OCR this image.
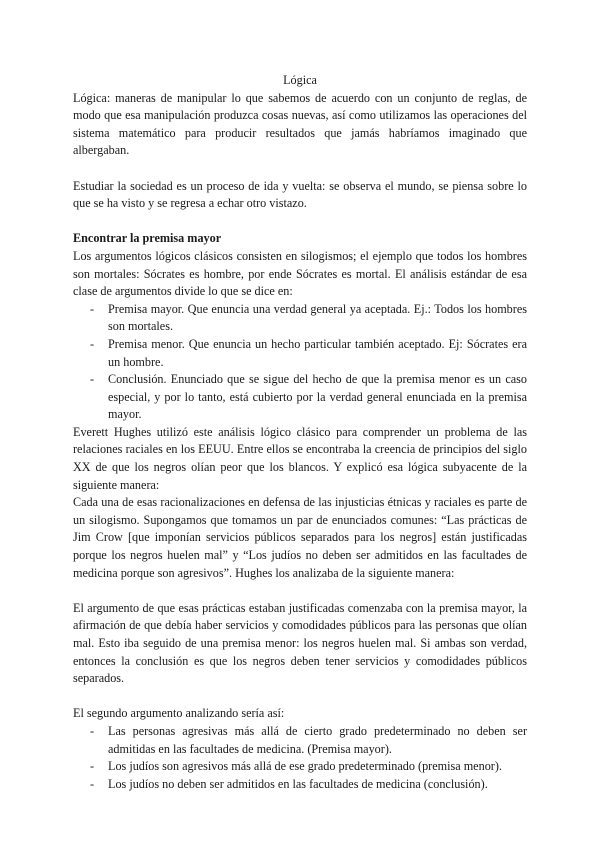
Lógica

Lógica: maneras de manipular lo que sabemos de acuerdo con un conjunto de reglas, de modo que esa manipulación produzca cosas nuevas, así como utilizamos las operaciones del sistema matemático para producir resultados que jamás habríamos imaginado que albergaban.

Estudiar la sociedad es un proceso de ida y vuelta: se observa el mundo, se piensa sobre lo que se ha visto y se regresa a echar otro vistazo.

Encontrar la premisa mayor

Los argumentos lógicos clásicos consisten en silogismos; el ejemplo que todos los hombres son mortales: Sócrates es hombre, por ende Sócrates es mortal. El análisis estándar de esa clase de argumentos divide lo que se dice en:

- Premisa mayor. Que enuncia una verdad general ya aceptada. Ej.: Todos los hombres son mortales.
- Premisa menor. Que enuncia un hecho particular también aceptado. Ej: Sócrates era un hombre.
- Conclusión. Enunciado que se sigue del hecho de que la premisa menor es un caso especial, y por lo tanto, está cubierto por la verdad general enunciada en la premisa mayor.

Everett Hughes utilizó este análisis lógico clásico para comprender un problema de las relaciones raciales en los EEUU. Entre ellos se encontraba la creencia de principios del siglo XX de que los negros olían peor que los blancos. Y explicó esa lógica subyacente de la siguiente manera:

Cada una de esas racionalizaciones en defensa de las injusticias étnicas y raciales es parte de un silogismo. Supongamos que tomamos un par de enunciados comunes: “Las prácticas de Jim Crow [que imponían servicios públicos separados para los negros] están justificadas porque los negros huelen mal” y “Los judíos no deben ser admitidos en las facultades de medicina porque son agresivos”. Hughes los analizaba de la siguiente manera:

El argumento de que esas prácticas estaban justificadas comenzaba con la premisa mayor, la afirmación de que debía haber servicios y comodidades públicos para las personas que olían mal. Esto iba seguido de una premisa menor: los negros huelen mal. Si ambas son verdad, entonces la conclusión es que los negros deben tener servicios y comodidades públicos separados.

El segundo argumento analizando sería así:

- Las personas agresivas más allá de cierto grado predeterminado no deben ser admitidas en las facultades de medicina. (Premisa mayor).
- Los judíos son agresivos más allá de ese grado predeterminado (premisa menor).
- Los judíos no deben ser admitidos en las facultades de medicina (conclusión).
